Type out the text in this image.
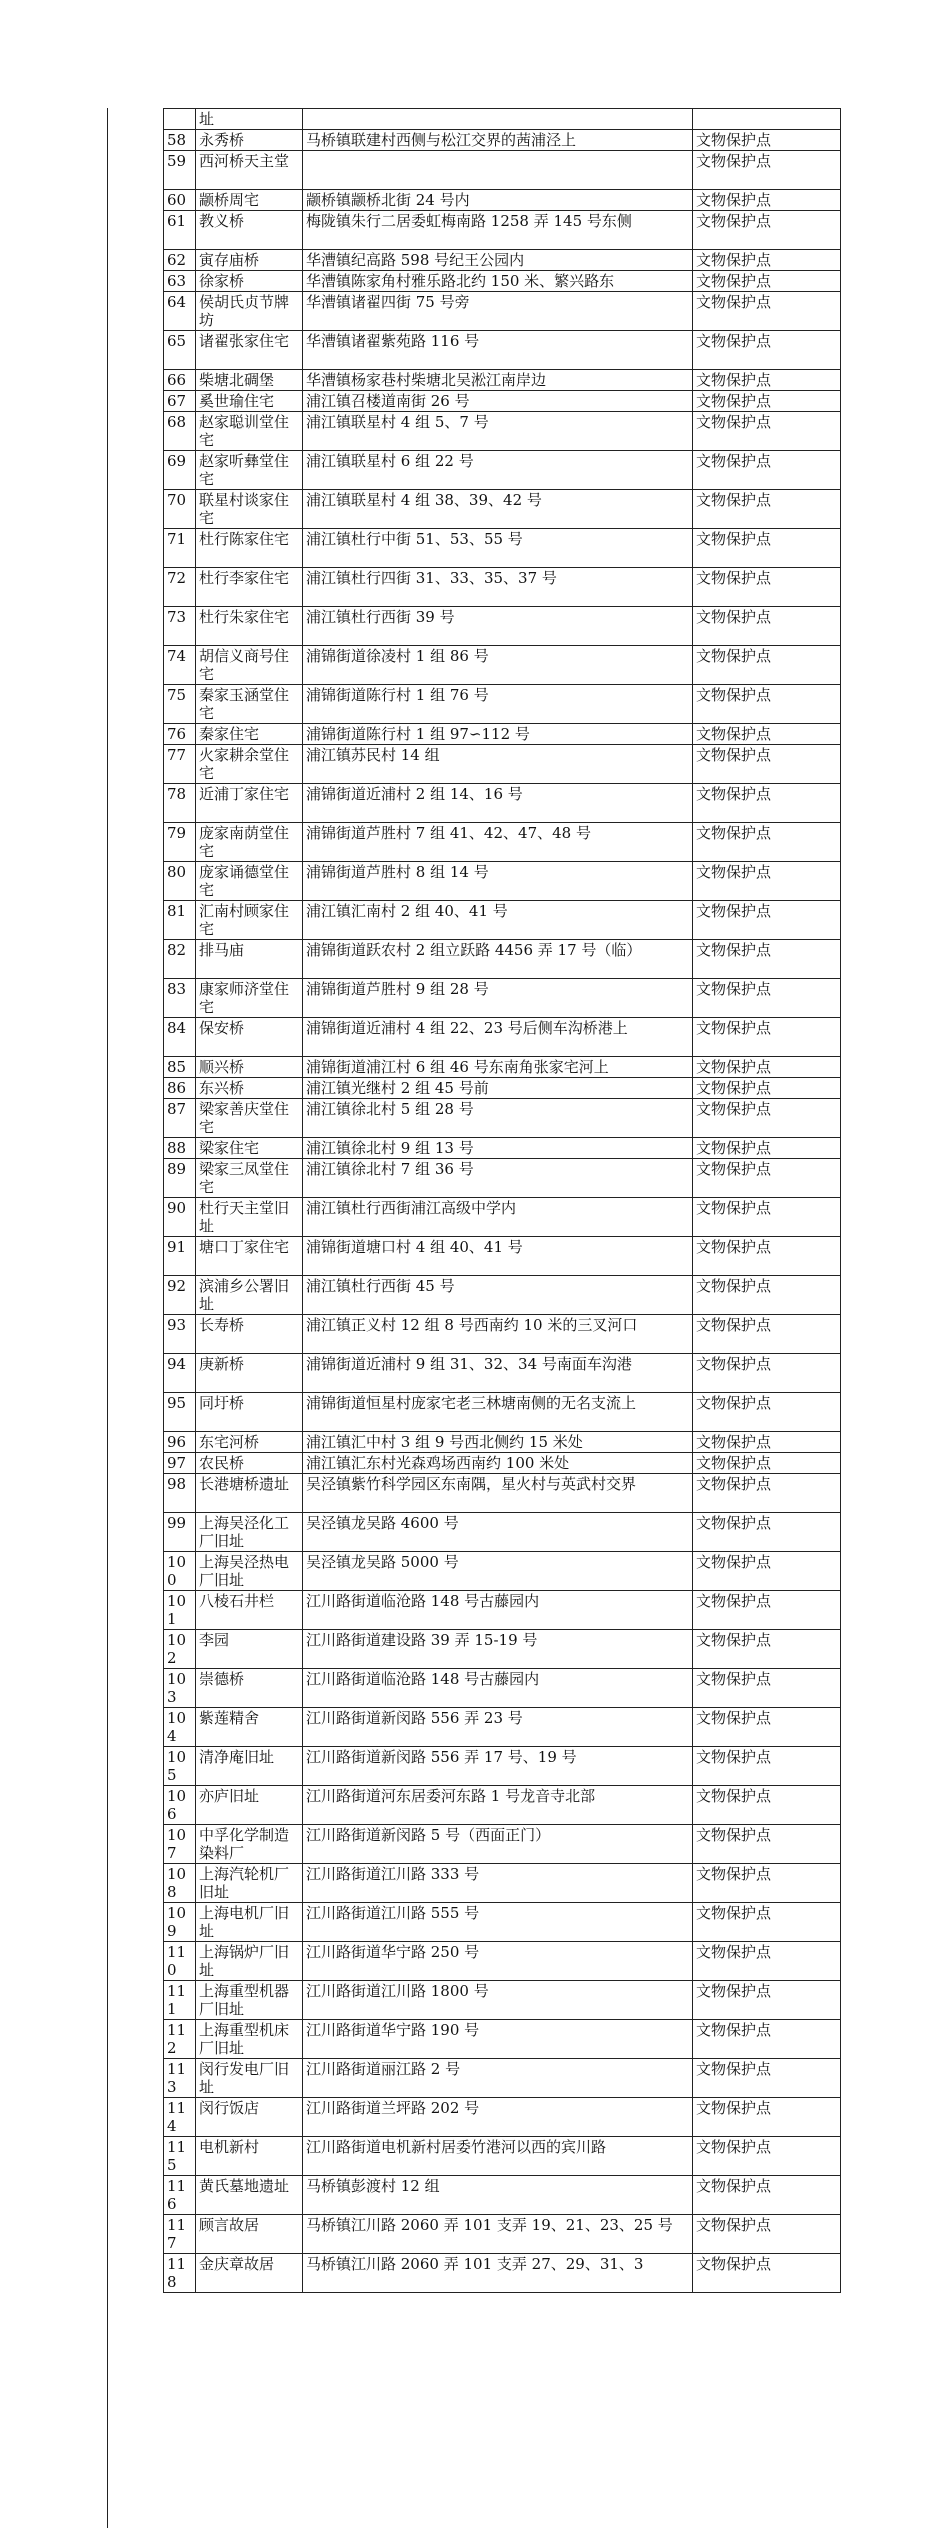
	址		
58	永秀桥	马桥镇联建村西侧与松江交界的茜浦泾上	文物保护点
59	西河桥天主堂		文物保护点
60	颛桥周宅	颛桥镇颛桥北街 24 号内	文物保护点
61	教义桥	梅陇镇朱行二居委虹梅南路 1258 弄 145 号东侧	文物保护点
62	寅存庙桥	华漕镇纪高路 598 号纪王公园内	文物保护点
63	徐家桥	华漕镇陈家角村雅乐路北约 150 米、繁兴路东	文物保护点
64	侯胡氏贞节牌坊	华漕镇诸翟四街 75 号旁	文物保护点
65	诸翟张家住宅	华漕镇诸翟紫苑路 116 号	文物保护点
66	柴塘北碉堡	华漕镇杨家巷村柴塘北吴淞江南岸边	文物保护点
67	奚世瑜住宅	浦江镇召楼道南街 26 号	文物保护点
68	赵家聪训堂住宅	浦江镇联星村 4 组 5、7 号	文物保护点
69	赵家听彝堂住宅	浦江镇联星村 6 组 22 号	文物保护点
70	联星村谈家住宅	浦江镇联星村 4 组 38、39、42 号	文物保护点
71	杜行陈家住宅	浦江镇杜行中街 51、53、55 号	文物保护点
72	杜行李家住宅	浦江镇杜行四街 31、33、35、37 号	文物保护点
73	杜行朱家住宅	浦江镇杜行西街 39 号	文物保护点
74	胡信义商号住宅	浦锦街道徐凌村 1 组 86 号	文物保护点
75	秦家玉涵堂住宅	浦锦街道陈行村 1 组 76 号	文物保护点
76	秦家住宅	浦锦街道陈行村 1 组 97∽112 号	文物保护点
77	火家耕余堂住宅	浦江镇苏民村 14 组	文物保护点
78	近浦丁家住宅	浦锦街道近浦村 2 组 14、16 号	文物保护点
79	庞家南荫堂住宅	浦锦街道芦胜村 7 组 41、42、47、48 号	文物保护点
80	庞家诵德堂住宅	浦锦街道芦胜村 8 组 14 号	文物保护点
81	汇南村顾家住宅	浦江镇汇南村 2 组 40、41 号	文物保护点
82	排马庙	浦锦街道跃农村 2 组立跃路 4456 弄 17 号（临）	文物保护点
83	康家师济堂住宅	浦锦街道芦胜村 9 组 28 号	文物保护点
84	保安桥	浦锦街道近浦村 4 组 22、23 号后侧车沟桥港上	文物保护点
85	顺兴桥	浦锦街道浦江村 6 组 46 号东南角张家宅河上	文物保护点
86	东兴桥	浦江镇光继村 2 组 45 号前	文物保护点
87	梁家善庆堂住宅	浦江镇徐北村 5 组 28 号	文物保护点
88	梁家住宅	浦江镇徐北村 9 组 13 号	文物保护点
89	梁家三凤堂住宅	浦江镇徐北村 7 组 36 号	文物保护点
90	杜行天主堂旧址	浦江镇杜行西街浦江高级中学内	文物保护点
91	塘口丁家住宅	浦锦街道塘口村 4 组 40、41 号	文物保护点
92	滨浦乡公署旧址	浦江镇杜行西街 45 号	文物保护点
93	长寿桥	浦江镇正义村 12 组 8 号西南约 10 米的三叉河口	文物保护点
94	庚新桥	浦锦街道近浦村 9 组 31、32、34 号南面车沟港	文物保护点
95	同圩桥	浦锦街道恒星村庞家宅老三林塘南侧的无名支流上	文物保护点
96	东宅河桥	浦江镇汇中村 3 组 9 号西北侧约 15 米处	文物保护点
97	农民桥	浦江镇汇东村光森鸡场西南约 100 米处	文物保护点
98	长港塘桥遗址	吴泾镇紫竹科学园区东南隅，星火村与英武村交界	文物保护点
99	上海吴泾化工厂旧址	吴泾镇龙吴路 4600 号	文物保护点
100	上海吴泾热电厂旧址	吴泾镇龙吴路 5000 号	文物保护点
101	八棱石井栏	江川路街道临沧路 148 号古藤园内	文物保护点
102	李园	江川路街道建设路 39 弄 15-19 号	文物保护点
103	崇德桥	江川路街道临沧路 148 号古藤园内	文物保护点
104	紫莲精舍	江川路街道新闵路 556 弄 23 号	文物保护点
105	清净庵旧址	江川路街道新闵路 556 弄 17 号、19 号	文物保护点
106	亦庐旧址	江川路街道河东居委河东路 1 号龙音寺北部	文物保护点
107	中孚化学制造染料厂	江川路街道新闵路 5 号（西面正门）	文物保护点
108	上海汽轮机厂旧址	江川路街道江川路 333 号	文物保护点
109	上海电机厂旧址	江川路街道江川路 555 号	文物保护点
110	上海锅炉厂旧址	江川路街道华宁路 250 号	文物保护点
111	上海重型机器厂旧址	江川路街道江川路 1800 号	文物保护点
112	上海重型机床厂旧址	江川路街道华宁路 190 号	文物保护点
113	闵行发电厂旧址	江川路街道丽江路 2 号	文物保护点
114	闵行饭店	江川路街道兰坪路 202 号	文物保护点
115	电机新村	江川路街道电机新村居委竹港河以西的宾川路	文物保护点
116	黄氏墓地遗址	马桥镇彭渡村 12 组	文物保护点
117	顾言故居	马桥镇江川路 2060 弄 101 支弄 19、21、23、25 号	文物保护点
118	金庆章故居	马桥镇江川路 2060 弄 101 支弄 27、29、31、3	文物保护点
